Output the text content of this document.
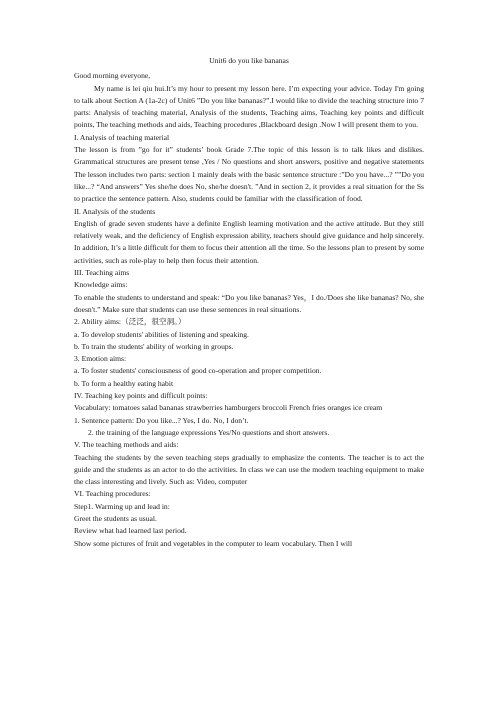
Unit6 do you like bananas
Good morning everyone,
My name is lei qiu hui.It’s my hour to present my lesson here. I’m expecting your advice. Today I'm going to talk about Section A (1a-2c) of Unit6 ”Do you like bananas?”.I would like to divide the teaching structure into 7 parts: Analysis of teaching material, Analysis of the students, Teaching aims, Teaching key points and difficult points, The teaching methods and aids, Teaching procedures ,Blackboard design .Now I will present them to you.
I. Analysis of teaching material
The lesson is from ”go for it” students’ book Grade 7.The topic of this lesson is to talk likes and dislikes. Grammatical structures are present tense ,Yes / No questions and short answers, positive and negative statements The lesson includes two parts: section 1 mainly deals with the basic sentence structure :”Do you have...? ””Do you like...? “And answers” Yes she/he does No, she/he doesn't. ”And in section 2, it provides a real situation for the Ss to practice the sentence pattern. Also, students could be familiar with the classification of food.
II. Analysis of the students
English of grade seven students have a definite English learning motivation and the active attitude. But they still relatively weak, and the deficiency of English expression ability, teachers should give guidance and help sincerely. In addition, It’s a little difficult for them to focus their attention all the time. So the lessons plan to present by some activities, such as role-play to help then focus their attention.
III. Teaching aims
Knowledge aims:
To enable the students to understand and speak: “Do you like bananas? Yes，I do./Does she like bananas? No, she doesn't.” Make sure that students can use these sentences in real situations.
2. Ability aims:（泛泛，很空洞。）
a. To develop students' abilities of listening and speaking.
b. To train the students' ability of working in groups.
3. Emotion aims:
a. To foster students' consciousness of good co-operation and proper competition.
b. To form a healthy eating habit
IV. Teaching key points and difficult points:
Vocabulary: tomatoes salad bananas strawberries hamburgers broccoli French fries oranges ice cream
1. Sentence pattern: Do you like...? Yes, I do. No, I don’t.
2. the training of the language expressions Yes/No questions and short answers.
V. The teaching methods and aids:
Teaching the students by the seven teaching steps gradually to emphasize the contents. The teacher is to act the guide and the students as an actor to do the activities. In class we can use the modern teaching equipment to make the class interesting and lively. Such as: Video, computer
VI. Teaching procedures:
Step1. Warming up and lead in:
Greet the students as usual.
Review what had learned last period.
Show some pictures of fruit and vegetables in the computer to learn vocabulary. Then I will
